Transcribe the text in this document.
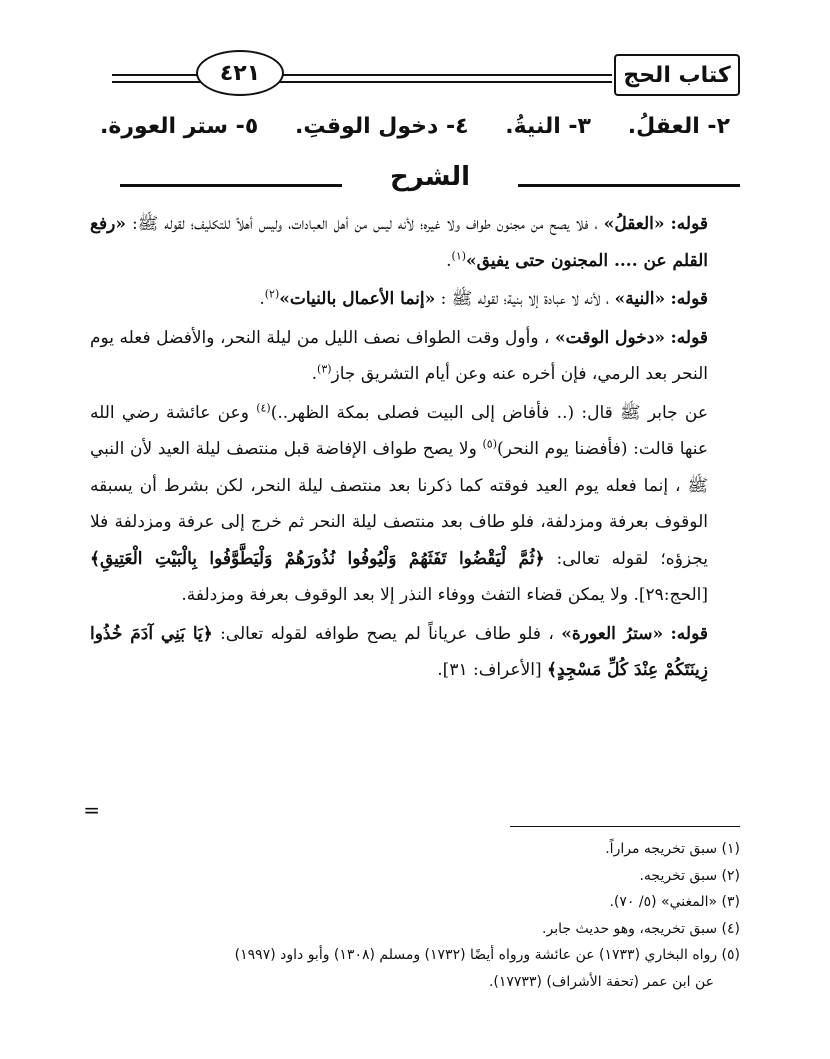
كتاب الحج
٤٢١
٢- العقلُ.
٣- النيةُ.
٤- دخول الوقتِ.
٥- ستر العورة.
الشرح

قوله: «العقلُ» ، فلا يصح من مجنون طواف ولا غيره؛ لأنه ليس من أهل العبادات، وليس أهلاً للتكليف؛ لقوله ﷺ: «رفع القلم عن .... المجنون حتى يفيق»$^{(١)}$.

قوله: «النية» ، لأنه لا عبادة إلا بنية؛ لقوله ﷺ : «إنما الأعمال بالنيات»$^{(٢)}$.

قوله: «دخول الوقت» ، وأول وقت الطواف نصف الليل من ليلة النحر، والأفضل فعله يوم النحر بعد الرمي، فإن أخره عنه وعن أيام التشريق جاز$^{(٣)}$.

عن جابر ﷺ قال: (.. فأفاض إلى البيت فصلى بمكة الظهر..)$^{(٤)}$ وعن عائشة رضي الله عنها قالت: (فأفضنا يوم النحر)$^{(٥)}$ ولا يصح طواف الإفاضة قبل منتصف ليلة العيد لأن النبي ﷺ ، إنما فعله يوم العيد فوقته كما ذكرنا بعد منتصف ليلة النحر، لكن بشرط أن يسبقه الوقوف بعرفة ومزدلفة، فلو طاف بعد منتصف ليلة النحر ثم خرج إلى عرفة ومزدلفة فلا يجزؤه؛ لقوله تعالى: ﴿ثُمَّ لْيَقْضُوا تَفَثَهُمْ وَلْيُوفُوا نُذُورَهُمْ وَلْيَطَّوَّفُوا بِالْبَيْتِ الْعَتِيقِ﴾ [الحج:٢٩]. ولا يمكن قضاء التفث ووفاء النذر إلا بعد الوقوف بعرفة ومزدلفة.

قوله: «سترُ العورة» ، فلو طاف عرياناً لم يصح طوافه لقوله تعالى: ﴿يَا بَنِي آدَمَ خُذُوا زِينَتَكُمْ عِنْدَ كُلِّ مَسْجِدٍ﴾ [الأعراف: ٣١].

=
(١) سبق تخريجه مراراً.
(٢) سبق تخريجه.
(٣) «المغني» (٥/ ٧٠).
(٤) سبق تخريجه، وهو حديث جابر.
(٥) رواه البخاري (١٧٣٣) عن عائشة ورواه أيضًا (١٧٣٢) ومسلم (١٣٠٨) وأبو داود (١٩٩٧)
عن ابن عمر (تحفة الأشراف) (١٧٧٣٣).
